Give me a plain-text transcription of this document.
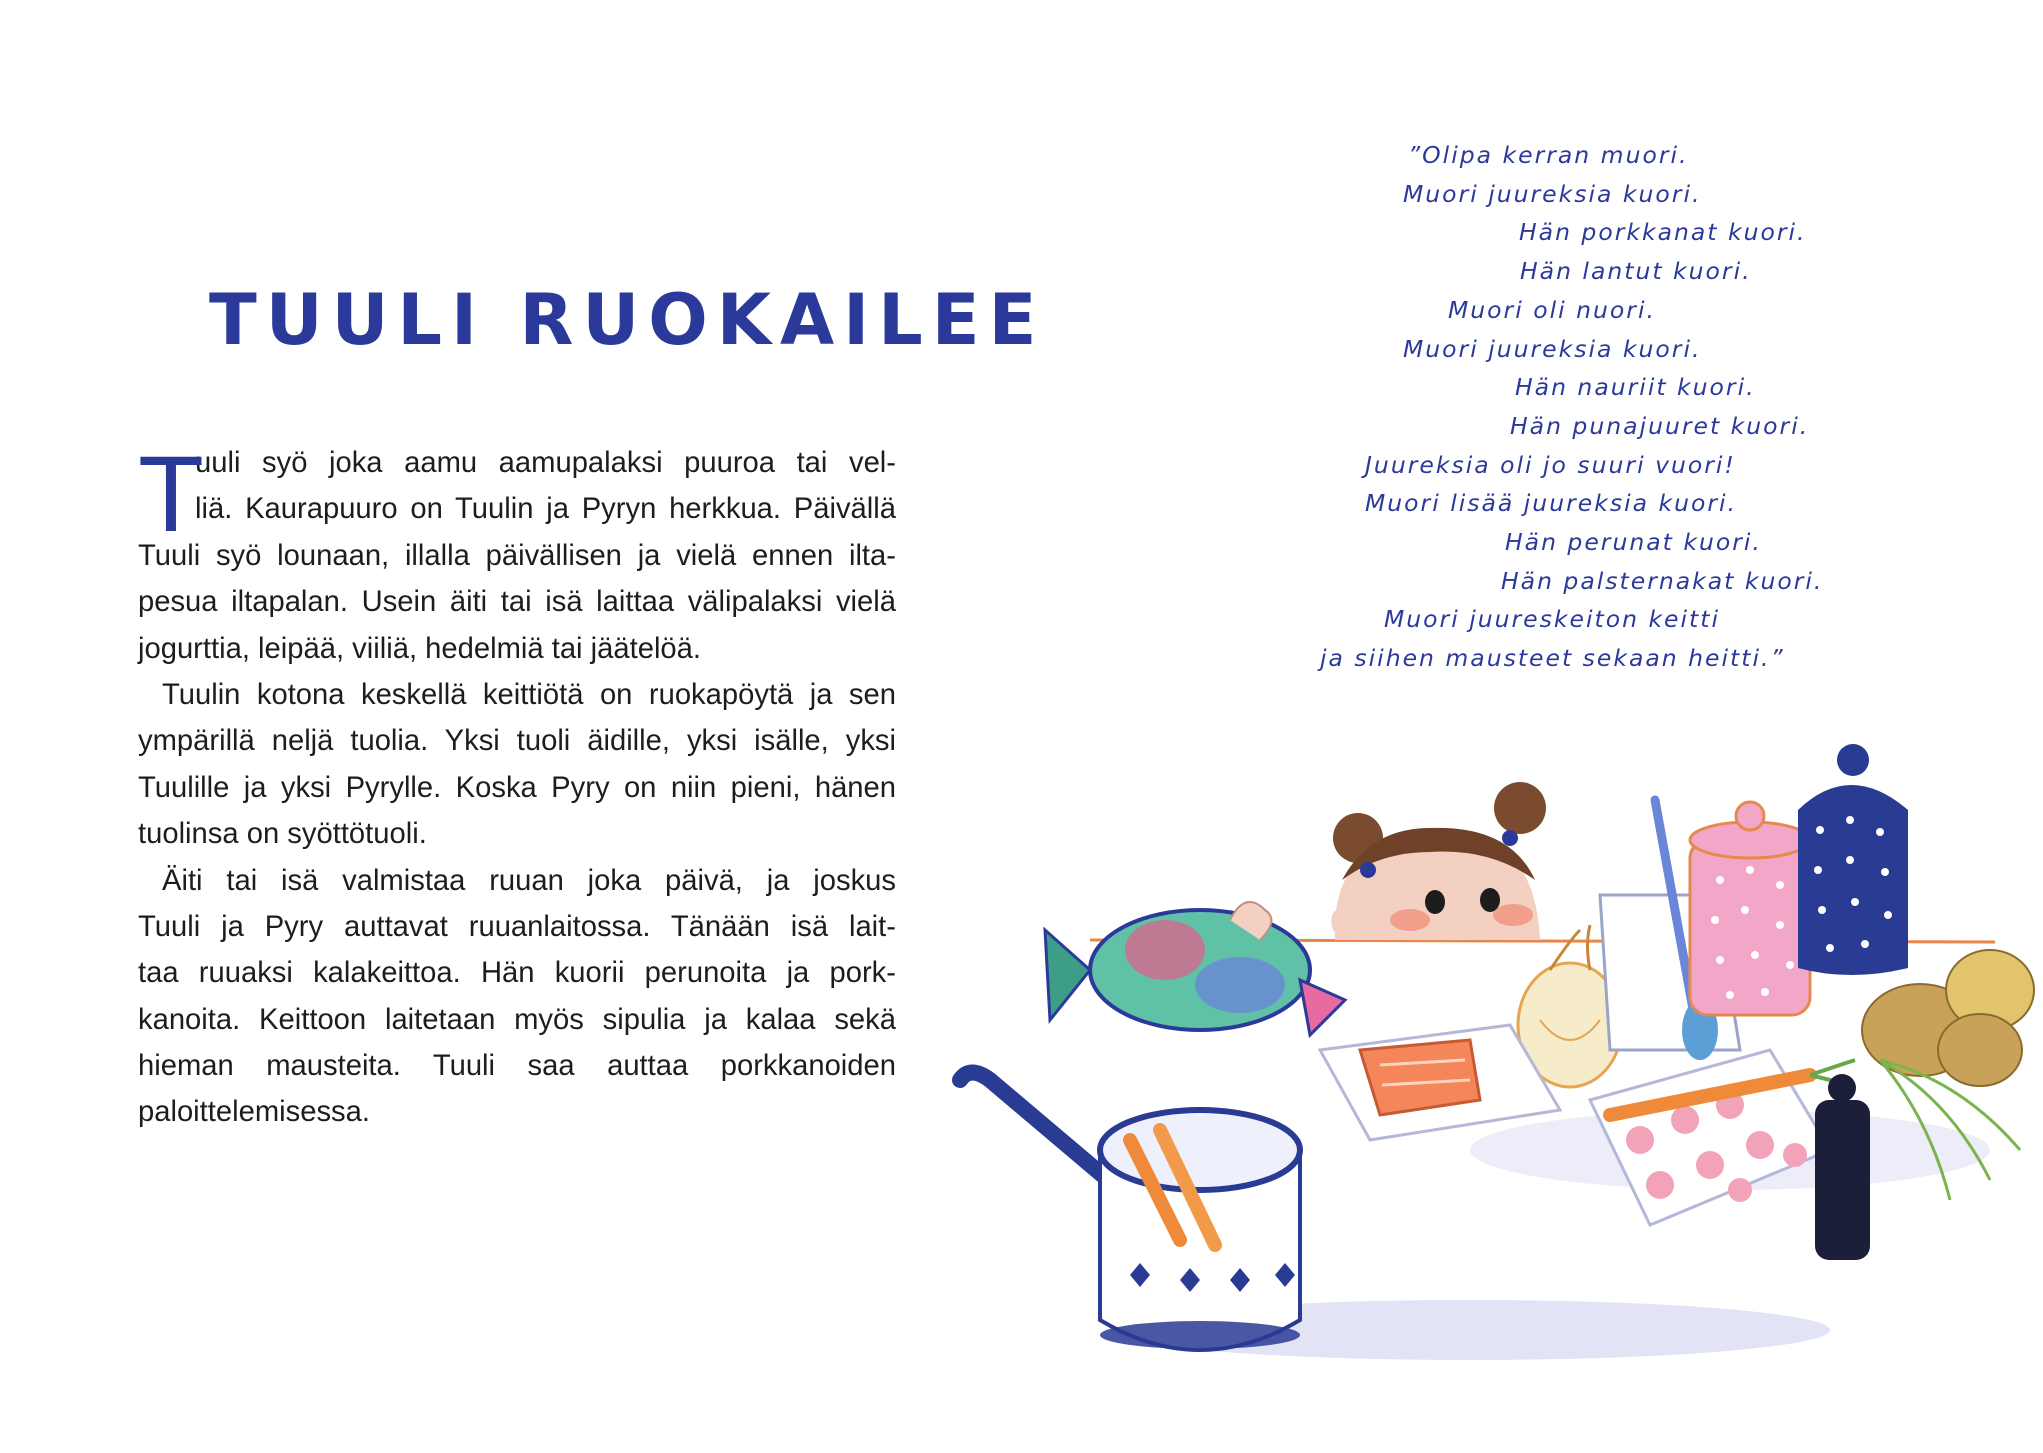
TUULI RUOKAILEE
T
uuli syö joka aamu aamupalaksi puuroa tai vel-
liä. Kaurapuuro on Tuulin ja Pyryn herkkua. Päivällä
Tuuli syö lounaan, illalla päivällisen ja vielä ennen ilta-
pesua iltapalan. Usein äiti tai isä laittaa välipalaksi vielä
jogurttia, leipää, viiliä, hedelmiä tai jäätelöä.
Tuulin kotona keskellä keittiötä on ruokapöytä ja sen
ympärillä neljä tuolia. Yksi tuoli äidille, yksi isälle, yksi
Tuulille ja yksi Pyrylle. Koska Pyry on niin pieni, hänen
tuolinsa on syöttötuoli.
Äiti tai isä valmistaa ruuan joka päivä, ja joskus
Tuuli ja Pyry auttavat ruuanlaitossa. Tänään isä lait-
taa ruuaksi kalakeittoa. Hän kuorii perunoita ja pork-
kanoita. Keittoon laitetaan myös sipulia ja kalaa sekä
hieman mausteita. Tuuli saa auttaa porkkanoiden
paloittelemisessa.
”Olipa kerran muori.
Muori juureksia kuori.
Hän porkkanat kuori.
Hän lantut kuori.
Muori oli nuori.
Muori juureksia kuori.
Hän nauriit kuori.
Hän punajuuret kuori.
Juureksia oli jo suuri vuori!
Muori lisää juureksia kuori.
Hän perunat kuori.
Hän palsternakat kuori.
Muori juureskeiton keitti
ja siihen mausteet sekaan heitti.”
